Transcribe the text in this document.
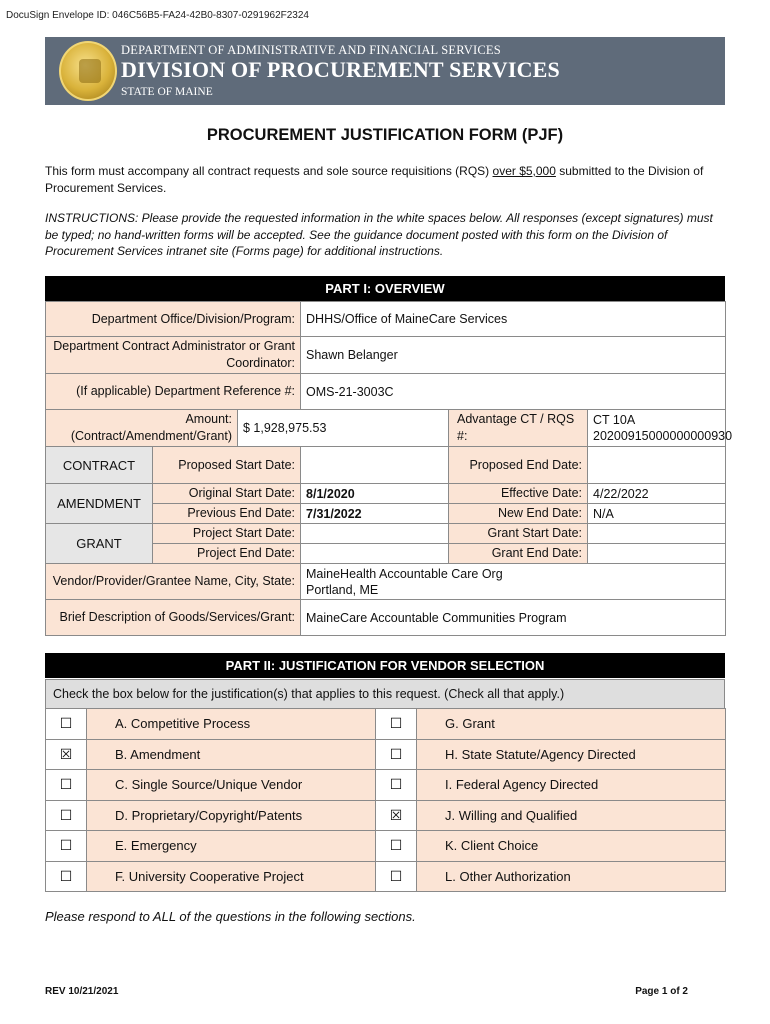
DocuSign Envelope ID: 046C56B5-FA24-42B0-8307-0291962F2324
DEPARTMENT OF ADMINISTRATIVE AND FINANCIAL SERVICES
DIVISION OF PROCUREMENT SERVICES
STATE OF MAINE
PROCUREMENT JUSTIFICATION FORM (PJF)
This form must accompany all contract requests and sole source requisitions (RQS) over $5,000 submitted to the Division of Procurement Services.
INSTRUCTIONS: Please provide the requested information in the white spaces below. All responses (except signatures) must be typed; no hand-written forms will be accepted. See the guidance document posted with this form on the Division of Procurement Services intranet site (Forms page) for additional instructions.
PART I: OVERVIEW
Department Office/Division/Program:			DHHS/Office of MaineCare Services		
Department Contract Administrator or Grant Coordinator:			Shawn Belanger		
(If applicable) Department Reference #:			OMS-21-3003C		
Amount: (Contract/Amendment/Grant)		$ 1,928,975.53		Advantage CT / RQS #:	CT 10A
20200915000000000930

CONTRACT	Proposed Start Date:			Proposed End Date:	
AMENDMENT	Original Start Date:		8/1/2020	Effective Date:	4/22/2022
	Previous End Date:		7/31/2022	New End Date:	N/A
GRANT	Project Start Date:			Grant Start Date:	
	Project End Date:			Grant End Date:	
Vendor/Provider/Grantee Name, City, State:			MaineHealth Accountable Care Org
Portland, ME		

Brief Description of Goods/Services/Grant:			MaineCare Accountable Communities Program		
PART II: JUSTIFICATION FOR VENDOR SELECTION
Check the box below for the justification(s) that applies to this request. (Check all that apply.)
☐	A. Competitive Process	☐	G. Grant
☒	B. Amendment	☐	H. State Statute/Agency Directed
☐	C. Single Source/Unique Vendor	☐	I. Federal Agency Directed
☐	D. Proprietary/Copyright/Patents	☒	J. Willing and Qualified
☐	E. Emergency	☐	K. Client Choice
☐	F. University Cooperative Project	☐	L. Other Authorization
Please respond to ALL of the questions in the following sections.
REV 10/21/2021	Page 1 of 2
